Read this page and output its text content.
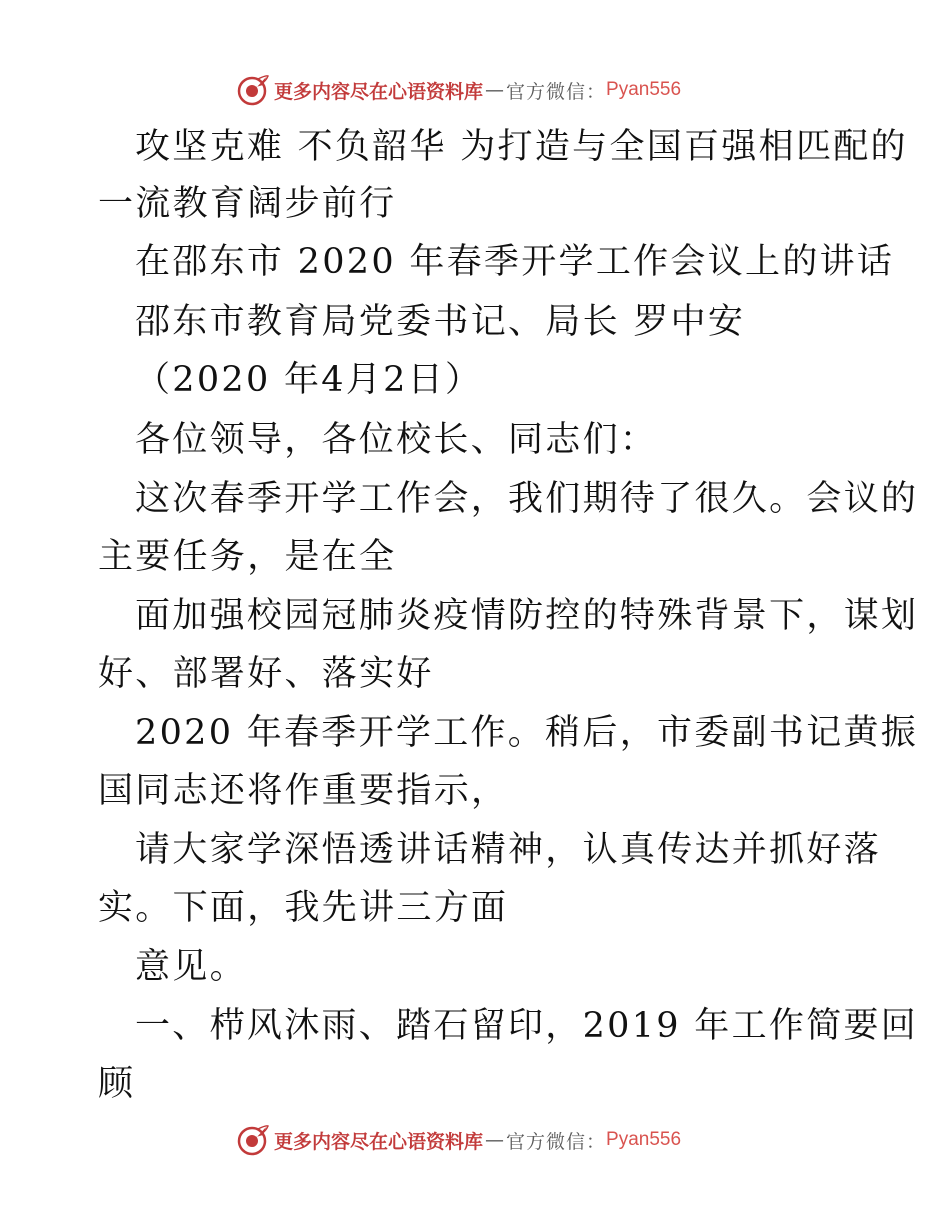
更多内容尽在心语资料库 — 官方微信： Pyan556
攻坚克难 不负韶华 为打造与全国百强相匹配的
一流教育阔步前行
在邵东市 2020 年春季开学工作会议上的讲话
邵东市教育局党委书记、局长 罗中安
（2020 年4月2日）
各位领导，各位校长、同志们：
这次春季开学工作会，我们期待了很久。会议的
主要任务，是在全
面加强校园冠肺炎疫情防控的特殊背景下，谋划
好、部署好、落实好
2020 年春季开学工作。稍后，市委副书记黄振
国同志还将作重要指示，
请大家学深悟透讲话精神，认真传达并抓好落
实。下面，我先讲三方面
意见。
一、栉风沐雨、踏石留印，2019 年工作简要回
顾
更多内容尽在心语资料库 — 官方微信： Pyan556
